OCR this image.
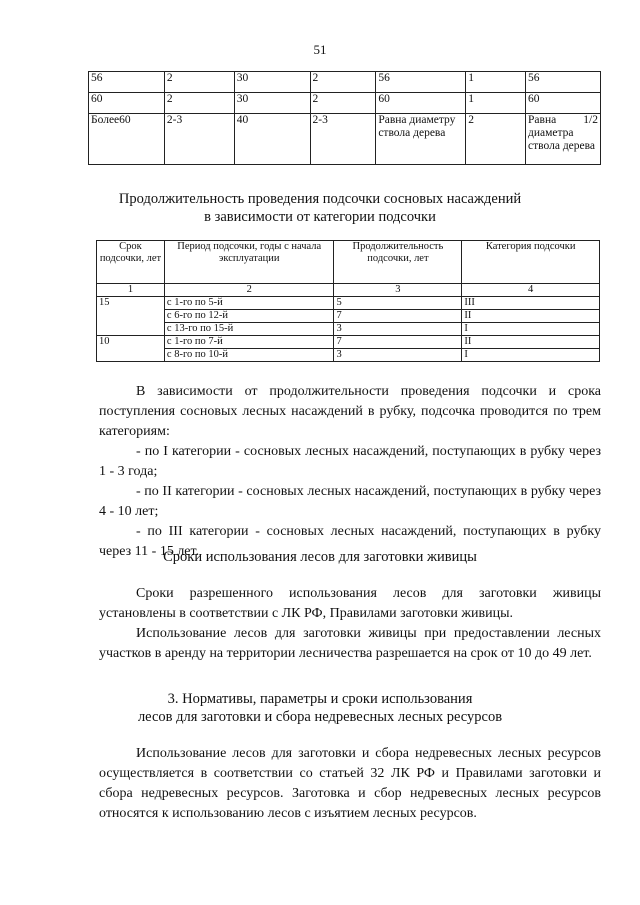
51
56	2	30	2	56	1	56
60	2	30	2	60	1	60
Более60	2-3	40	2-3	Равна диаметру ствола дерева	2	Равна 1/2 диаметра ствола дерева
Продолжительность проведения подсочки сосновых насаждений
в зависимости от категории подсочки
Срок подсочки, лет	Период подсочки, годы с начала эксплуатации	Продолжительность подсочки, лет	Категория подсочки
1	2	3	4
15	с 1-го по 5-й	5	III
	с 6-го по 12-й	7	II
	с 13-го по 15-й	3	I
10	с 1-го по 7-й	7	II
	с 8-го по 10-й	3	I

В зависимости от продолжительности проведения подсочки и срока поступления сосновых лесных насаждений в рубку, подсочка проводится по трем категориям:

- по I категории - сосновых лесных насаждений, поступающих в рубку через 1 - 3 года;

- по II категории - сосновых лесных насаждений, поступающих в рубку через 4 - 10 лет;

- по III категории - сосновых лесных насаждений, поступающих в рубку через 11 - 15 лет.

Сроки использования лесов для заготовки живицы

Сроки разрешенного использования лесов для заготовки живицы установлены в соответствии с ЛК РФ, Правилами заготовки живицы.

Использование лесов для заготовки живицы при предоставлении лесных участков в аренду на территории лесничества разрешается на срок от 10 до 49 лет.

3. Нормативы, параметры и сроки использования
лесов для заготовки и сбора недревесных лесных ресурсов

Использование лесов для заготовки и сбора недревесных лесных ресурсов осуществляется в соответствии со статьей 32 ЛК РФ и Правилами заготовки и сбора недревесных ресурсов. Заготовка и сбор недревесных лесных ресурсов относятся к использованию лесов с изъятием лесных ресурсов.
